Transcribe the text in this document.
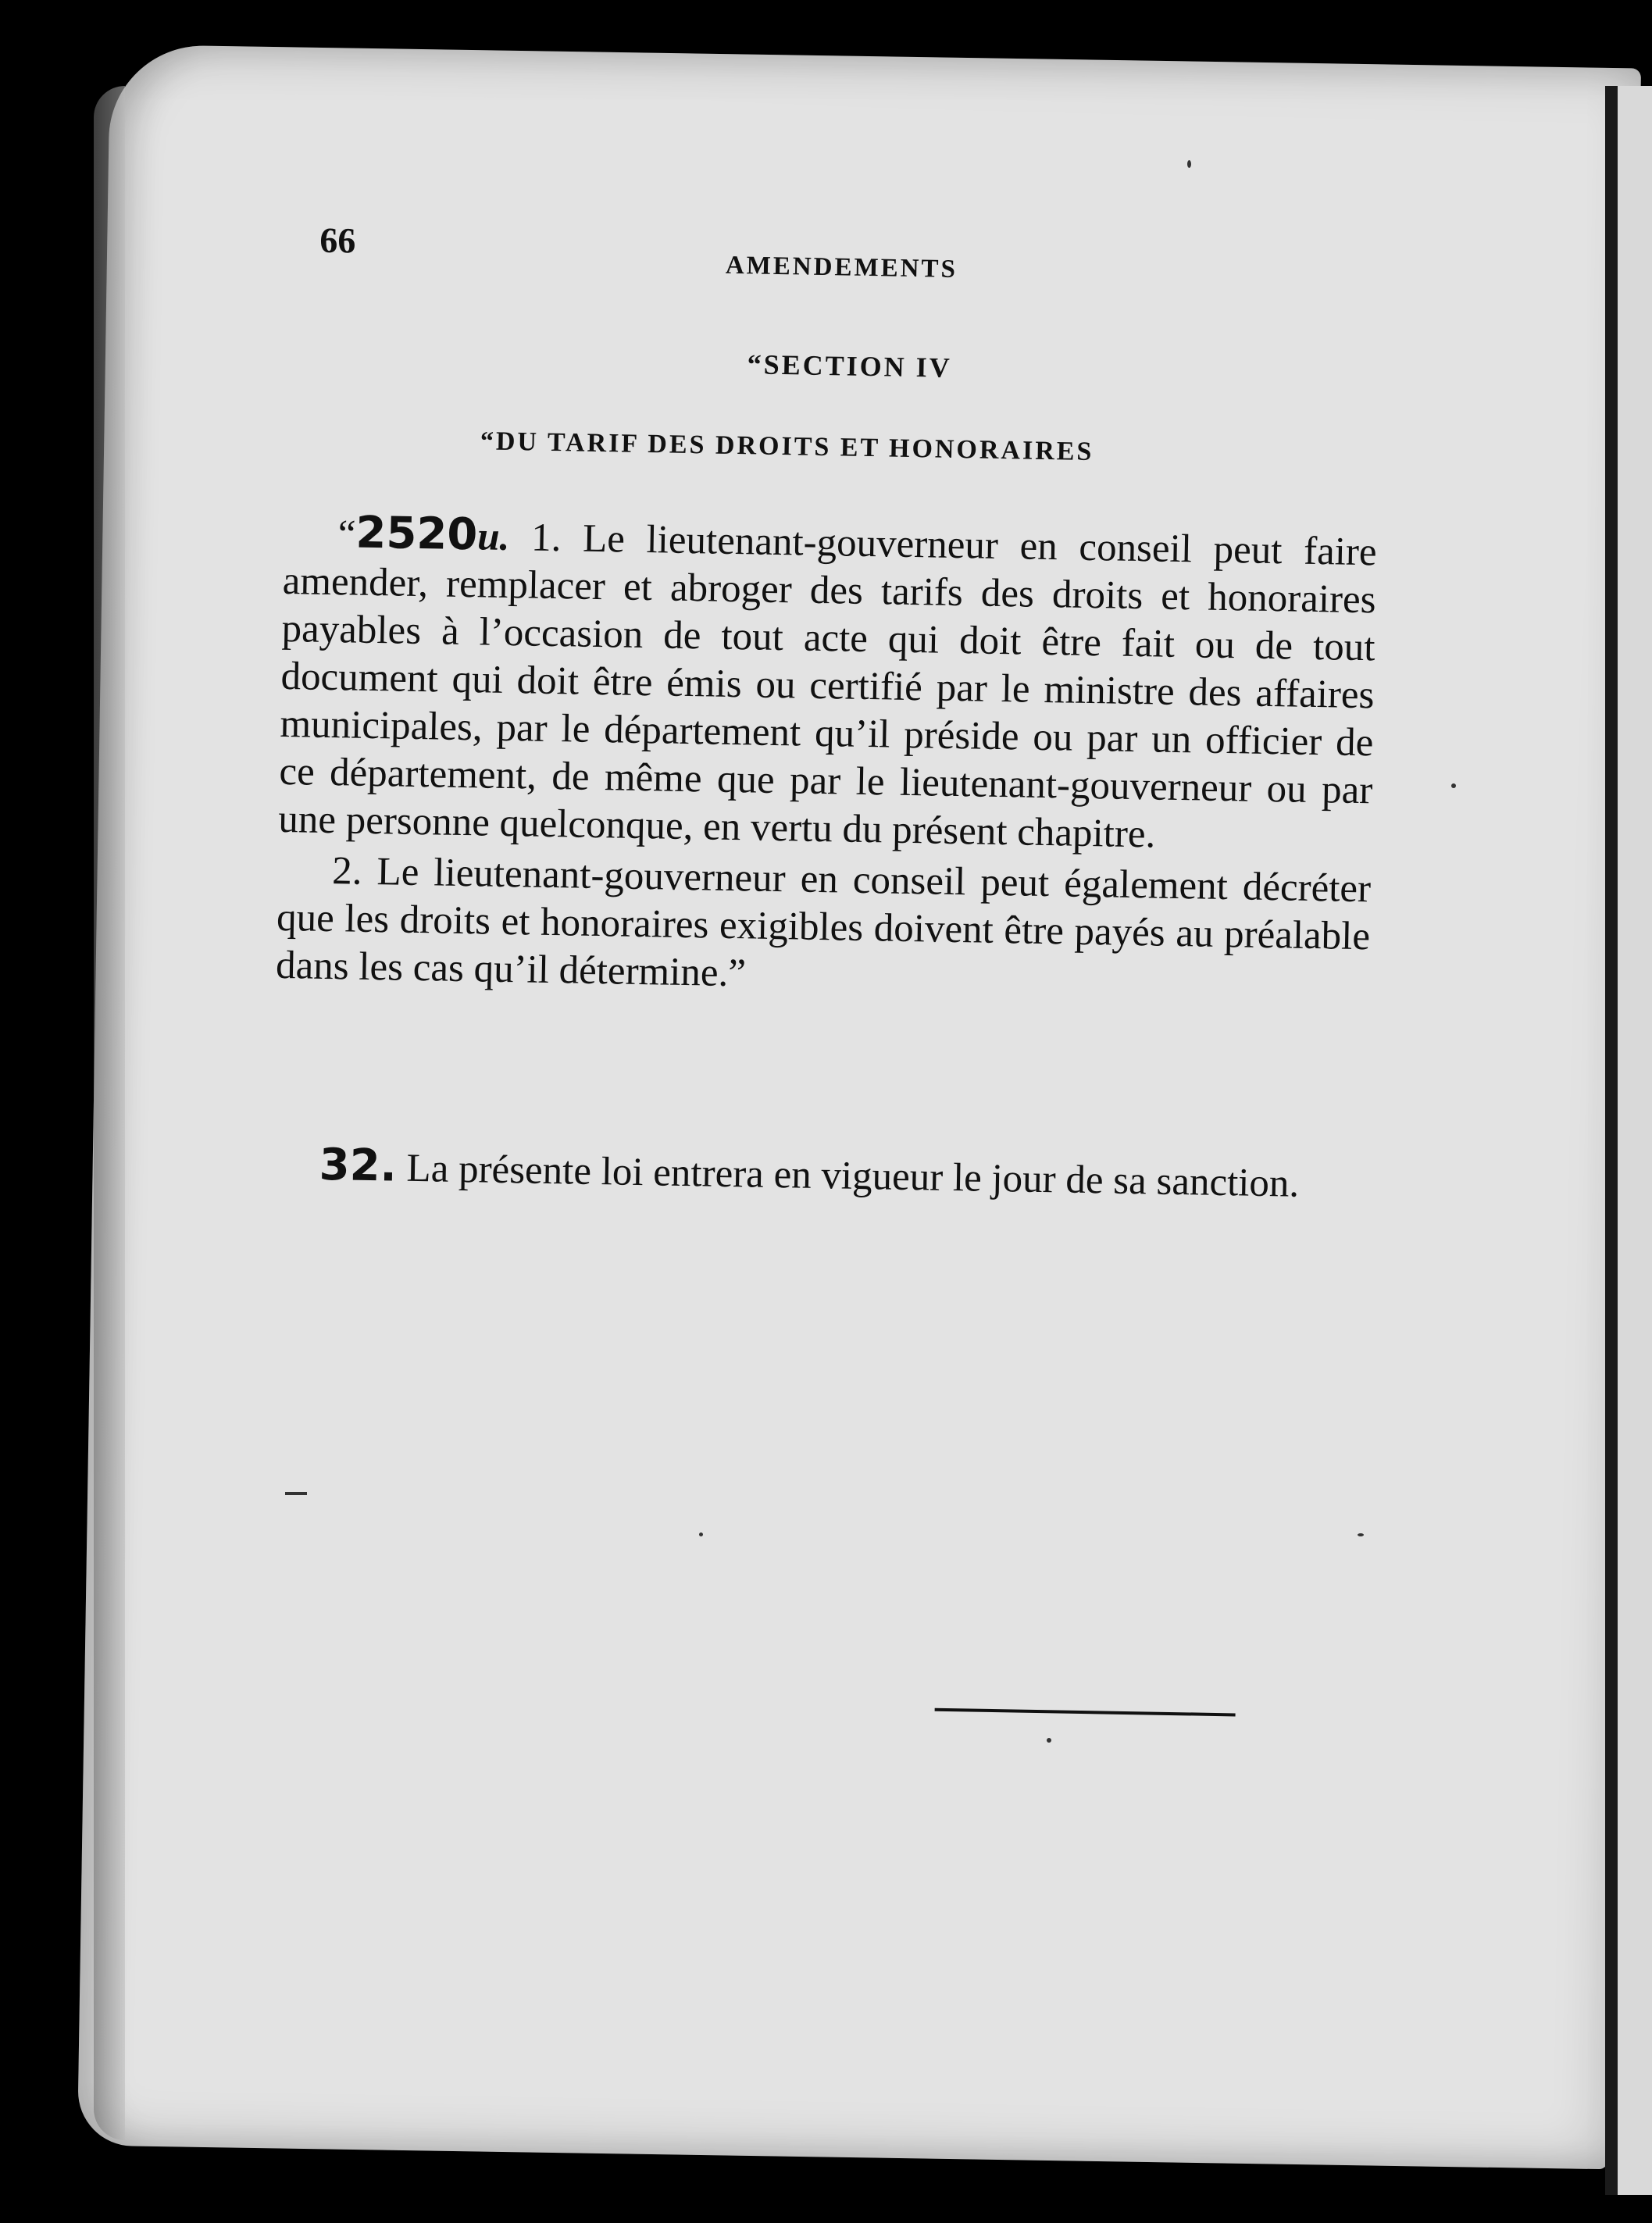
66
AMENDEMENTS
“SECTION IV
“DU TARIF DES DROITS ET HONORAIRES

“2520u. 1. Le lieutenant-gouverneur en conseil peut faire amender, remplacer et abroger des tarifs des droits et honoraires payables à l’occasion de tout acte qui doit être fait ou de tout document qui doit être émis ou certifié par le ministre des affaires municipales, par le département qu’il préside ou par un officier de ce département, de même que par le lieutenant-gouverneur ou par une personne quelconque, en vertu du présent chapitre.

2. Le lieutenant-gouverneur en conseil peut également décréter que les droits et honoraires exigibles doivent être payés au préalable dans les cas qu’il détermine.”

32. La présente loi entrera en vigueur le jour de sa sanction.
